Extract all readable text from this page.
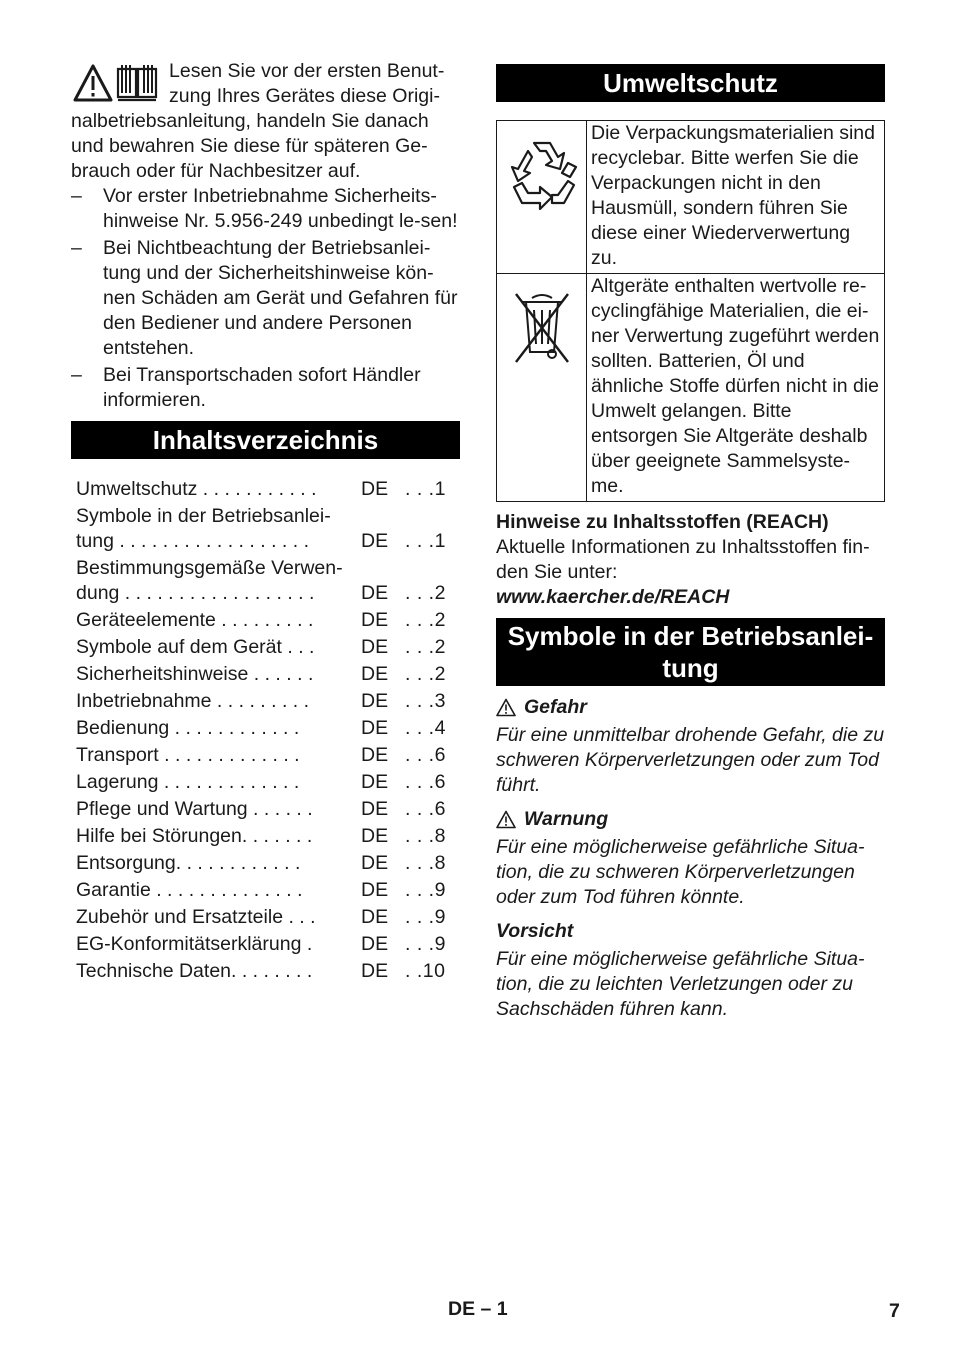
Lesen Sie vor der ersten Benut-zung Ihres Gerätes diese Origi-nalbetriebsanleitung, handeln Sie danach und bewahren Sie diese für späteren Ge-brauch oder für Nachbesitzer auf.

–	Vor erster Inbetriebnahme Sicherheits-hinweise Nr. 5.956-249 unbedingt le-sen!
–	Bei Nichtbeachtung der Betriebsanlei-tung und der Sicherheitshinweise kön-nen Schäden am Gerät und Gefahren für den Bediener und andere Personen entstehen.
–	Bei Transportschaden sofort Händler informieren.
Inhaltsverzeichnis
Umweltschutz . . . . . . . . . . .	DE . . .1
Symbole in der Betriebsanlei-tung . . . . . . . . . . . . . . . . . .	DE . . .1
Bestimmungsgemäße Verwen-dung . . . . . . . . . . . . . . . . . .	DE . . .2
Geräteelemente . . . . . . . . .	DE . . .2
Symbole auf dem Gerät . . .	DE . . .2
Sicherheitshinweise . . . . . .	DE . . .2
Inbetriebnahme . . . . . . . . .	DE . . .3
Bedienung . . . . . . . . . . . .	DE . . .4
Transport . . . . . . . . . . . . .	DE . . .6
Lagerung . . . . . . . . . . . . .	DE . . .6
Pflege und Wartung . . . . . .	DE . . .6
Hilfe bei Störungen. . . . . . .	DE . . .8
Entsorgung. . . . . . . . . . . .	DE . . .8
Garantie . . . . . . . . . . . . . .	DE . . .9
Zubehör und Ersatzteile . . .	DE . . .9
EG-Konformitätserklärung .	DE . . .9
Technische Daten. . . . . . . .	DE . .10
Umweltschutz
	Die Verpackungsmaterialien sind recyclebar. Bitte werfen Sie die Verpackungen nicht in den Hausmüll, sondern führen Sie diese einer Wiederverwertung zu.
	Altgeräte enthalten wertvolle re-cyclingfähige Materialien, die ei-ner Verwertung zugeführt werden sollten. Batterien, Öl und ähnliche Stoffe dürfen nicht in die Umwelt gelangen. Bitte entsorgen Sie Altgeräte deshalb über geeignete Sammelsyste-me.
Hinweise zu Inhaltsstoffen (REACH)
Aktuelle Informationen zu Inhaltsstoffen fin-den Sie unter:
www.kaercher.de/REACH
Symbole in der Betriebsanlei-
tung
Gefahr

Für eine unmittelbar drohende Gefahr, die zu schweren Körperverletzungen oder zum Tod führt.

Warnung

Für eine möglicherweise gefährliche Situa-tion, die zu schweren Körperverletzungen oder zum Tod führen könnte.

Vorsicht

Für eine möglicherweise gefährliche Situa-tion, die zu leichten Verletzungen oder zu Sachschäden führen kann.

DE – 1	7
